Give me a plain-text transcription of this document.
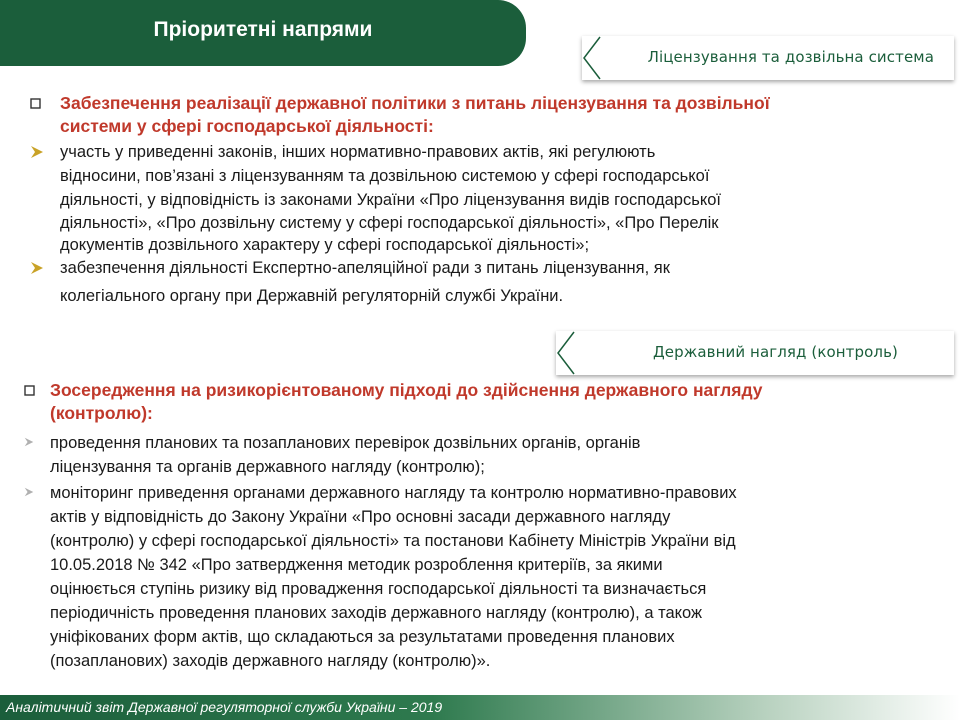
Пріоритетні напрями
Ліцензування та дозвільна система
Забезпечення реалізації державної політики з питань ліцензування та дозвільної
системи у сфері господарської діяльності:
участь у приведенні законів, інших нормативно-правових актів, які регулюють
відносини, пов’язані з ліцензуванням та дозвільною системою у сфері господарської
діяльності, у відповідність із законами України «Про ліцензування видів господарської
діяльності», «Про дозвільну систему у сфері господарської діяльності», «Про Перелік
документів дозвільного характеру у сфері господарської діяльності»;
забезпечення діяльності Експертно-апеляційної ради з питань ліцензування, як
колегіального органу при Державній регуляторній службі України.
Державний нагляд (контроль)
Зосередження на ризикорієнтованому підході до здійснення державного нагляду
(контролю):
проведення планових та позапланових перевірок дозвільних органів, органів
ліцензування та органів державного нагляду (контролю);
моніторинг приведення органами державного нагляду та контролю нормативно-правових
актів у відповідність до Закону України «Про основні засади державного нагляду
(контролю) у сфері господарської діяльності» та постанови Кабінету Міністрів України від
10.05.2018 № 342 «Про затвердження методик розроблення критеріїв, за якими
оцінюється ступінь ризику від провадження господарської діяльності та визначається
періодичність проведення планових заходів державного нагляду (контролю), а також
уніфікованих форм актів, що складаються за результатами проведення планових
(позапланових) заходів державного нагляду (контролю)».
Аналітичний звіт Державної регуляторної служби України – 2019
